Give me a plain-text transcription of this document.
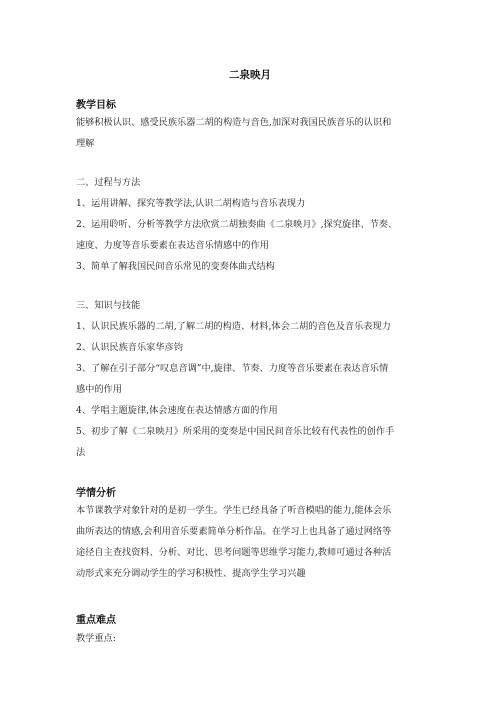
二泉映月
教学目标
能够积极认识、感受民族乐器二胡的构造与音色,加深对我国民族音乐的认识和
理解
二、过程与方法
1、运用讲解、探究等教学法,认识二胡构造与音乐表现力
2、运用聆听、分析等教学方法欣赏二胡独奏曲《二泉映月》,探究旋律、节奏、
速度、力度等音乐要素在表达音乐情感中的作用
3、简单了解我国民间音乐常见的变奏体曲式结构
三、知识与技能
1、认识民族乐器的二胡,了解二胡的构造、材料,体会二胡的音色及音乐表现力
2、认识民族音乐家华彦钧
3、了解在引子部分“叹息音调”中,旋律、节奏、力度等音乐要素在表达音乐情
感中的作用
4、学唱主题旋律,体会速度在表达情感方面的作用
5、初步了解《二泉映月》所采用的变奏是中国民间音乐比较有代表性的创作手
法
学情分析
本节课教学对象针对的是初一学生。学生已经具备了听音模唱的能力,能体会乐
曲所表达的情感,会利用音乐要素简单分析作品。在学习上也具备了通过网络等
途径自主查找资料、分析、对比、思考问题等思维学习能力,教师可通过各种活
动形式来充分调动学生的学习积极性、提高学生学习兴趣
重点难点
教学重点:
